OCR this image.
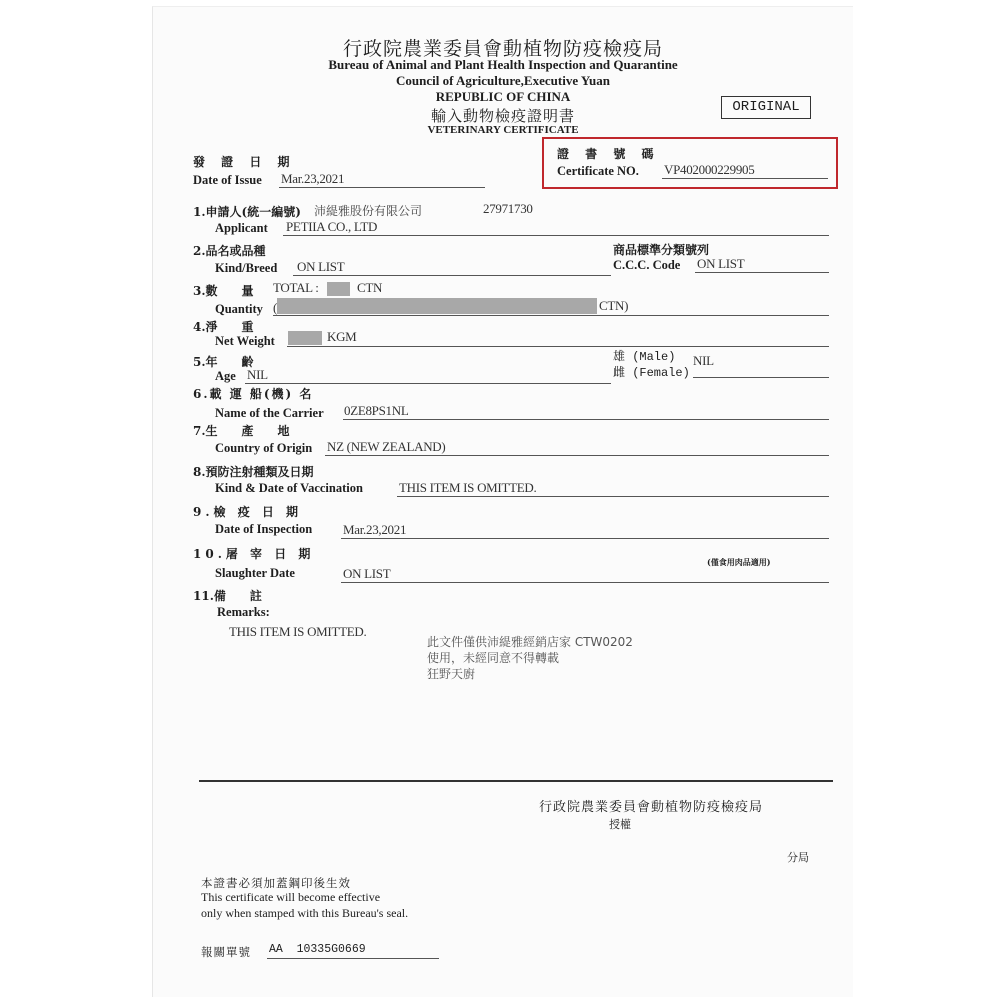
行政院農業委員會動植物防疫檢疫局
Bureau of Animal and Plant Health Inspection and Quarantine
Council of Agriculture,Executive Yuan
REPUBLIC OF CHINA
輸入動物檢疫證明書
VETERINARY CERTIFICATE
ORIGINAL
發 證 日 期
Date of Issue Mar.23,2021
證 書 號 碼
Certificate NO. VP402000229905
1.申請人(統一編號) 沛緹雅股份有限公司	27971730
Applicant PETIIA CO., LTD
2.品名或品種
Kind/Breed ON LIST
商品標準分類號列
C.C.C. Code ON LIST
3.數　　量 TOTAL :	CTN
Quantity (	CTN)
4.淨　　重
Net Weight	KGM
5.年　　齡
Age NIL
雄 (Male)
雌 (Female)
NIL
6.載 運 船(機) 名
Name of the Carrier 0ZE8PS1NL
7.生　　產　　地
Country of Origin NZ (NEW ZEALAND)
8.預防注射種類及日期
Kind & Date of Vaccination	THIS ITEM IS OMITTED.
9.檢 疫 日 期
Date of Inspection Mar.23,2021
10.屠 宰 日 期
Slaughter Date	ON LIST
(僅食用肉品適用)
11.備　　註
Remarks:
THIS ITEM IS OMITTED.
此文件僅供沛緹雅經銷店家 CTW0202
使用，未經同意不得轉載
狂野天廚
行政院農業委員會動植物防疫檢疫局
授權
分局
本證書必須加蓋鋼印後生效
This certificate will become effective
only when stamped with this Bureau's seal.
報關單號 AA  10335G0669
